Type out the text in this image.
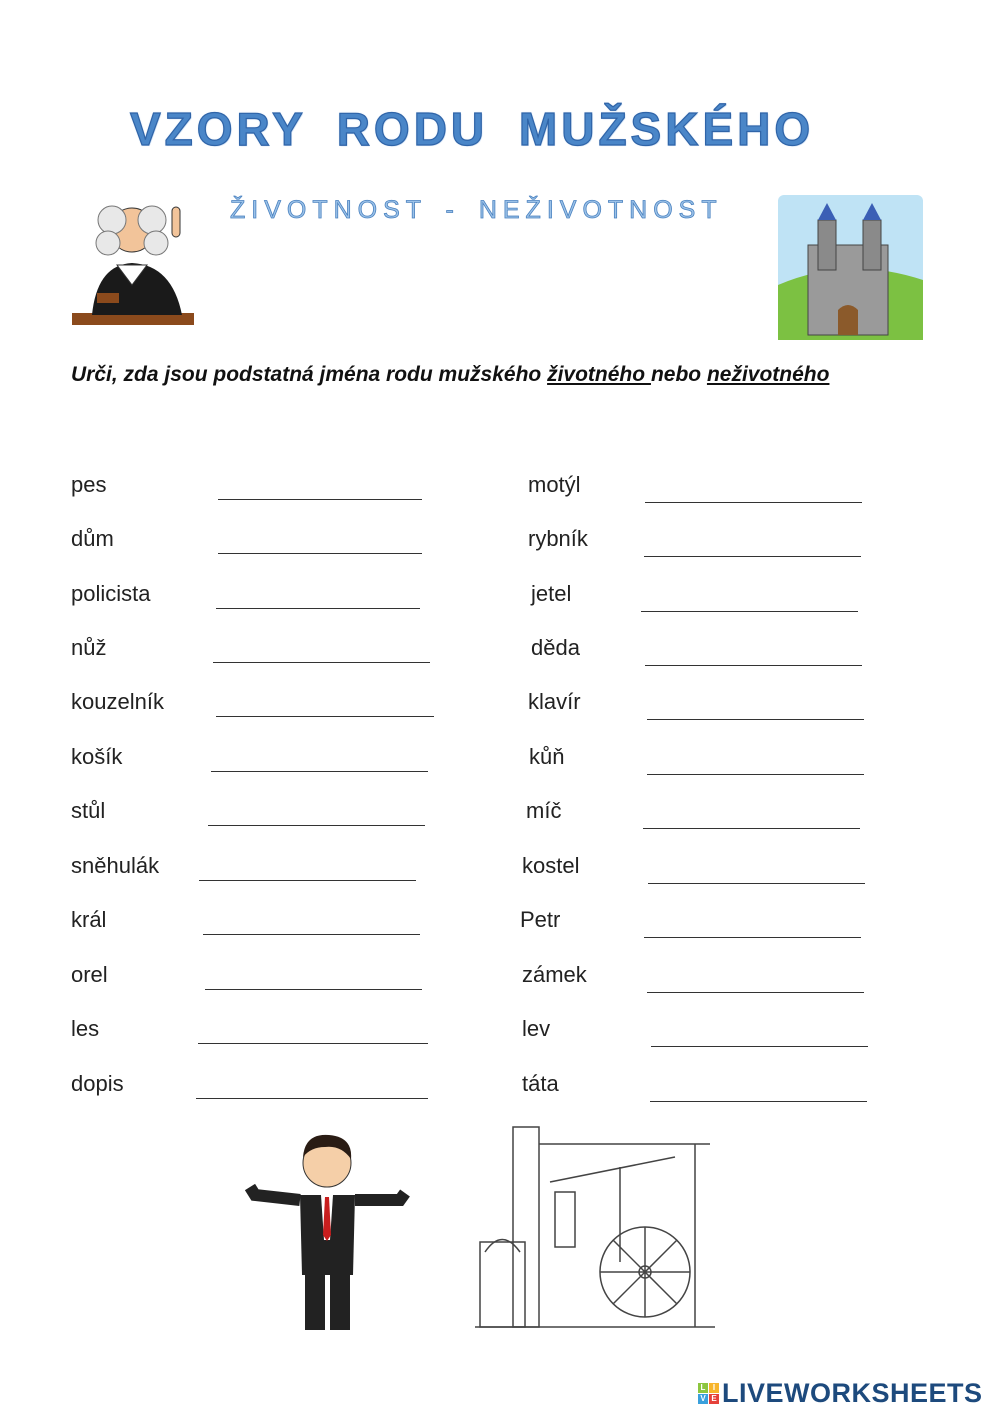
VZORY RODU MUŽSKÉHO
ŽIVOTNOST - NEŽIVOTNOST
Urči, zda jsou podstatná jména rodu mužského životného nebo neživotného
pes	motýl
dům	rybník
policista	jetel
nůž	děda
kouzelník	klavír
košík	kůň
stůl	míč
sněhulák	kostel
král	Petr
orel	zámek
les	lev
dopis	táta
L I
V E LIVEWORKSHEETS
